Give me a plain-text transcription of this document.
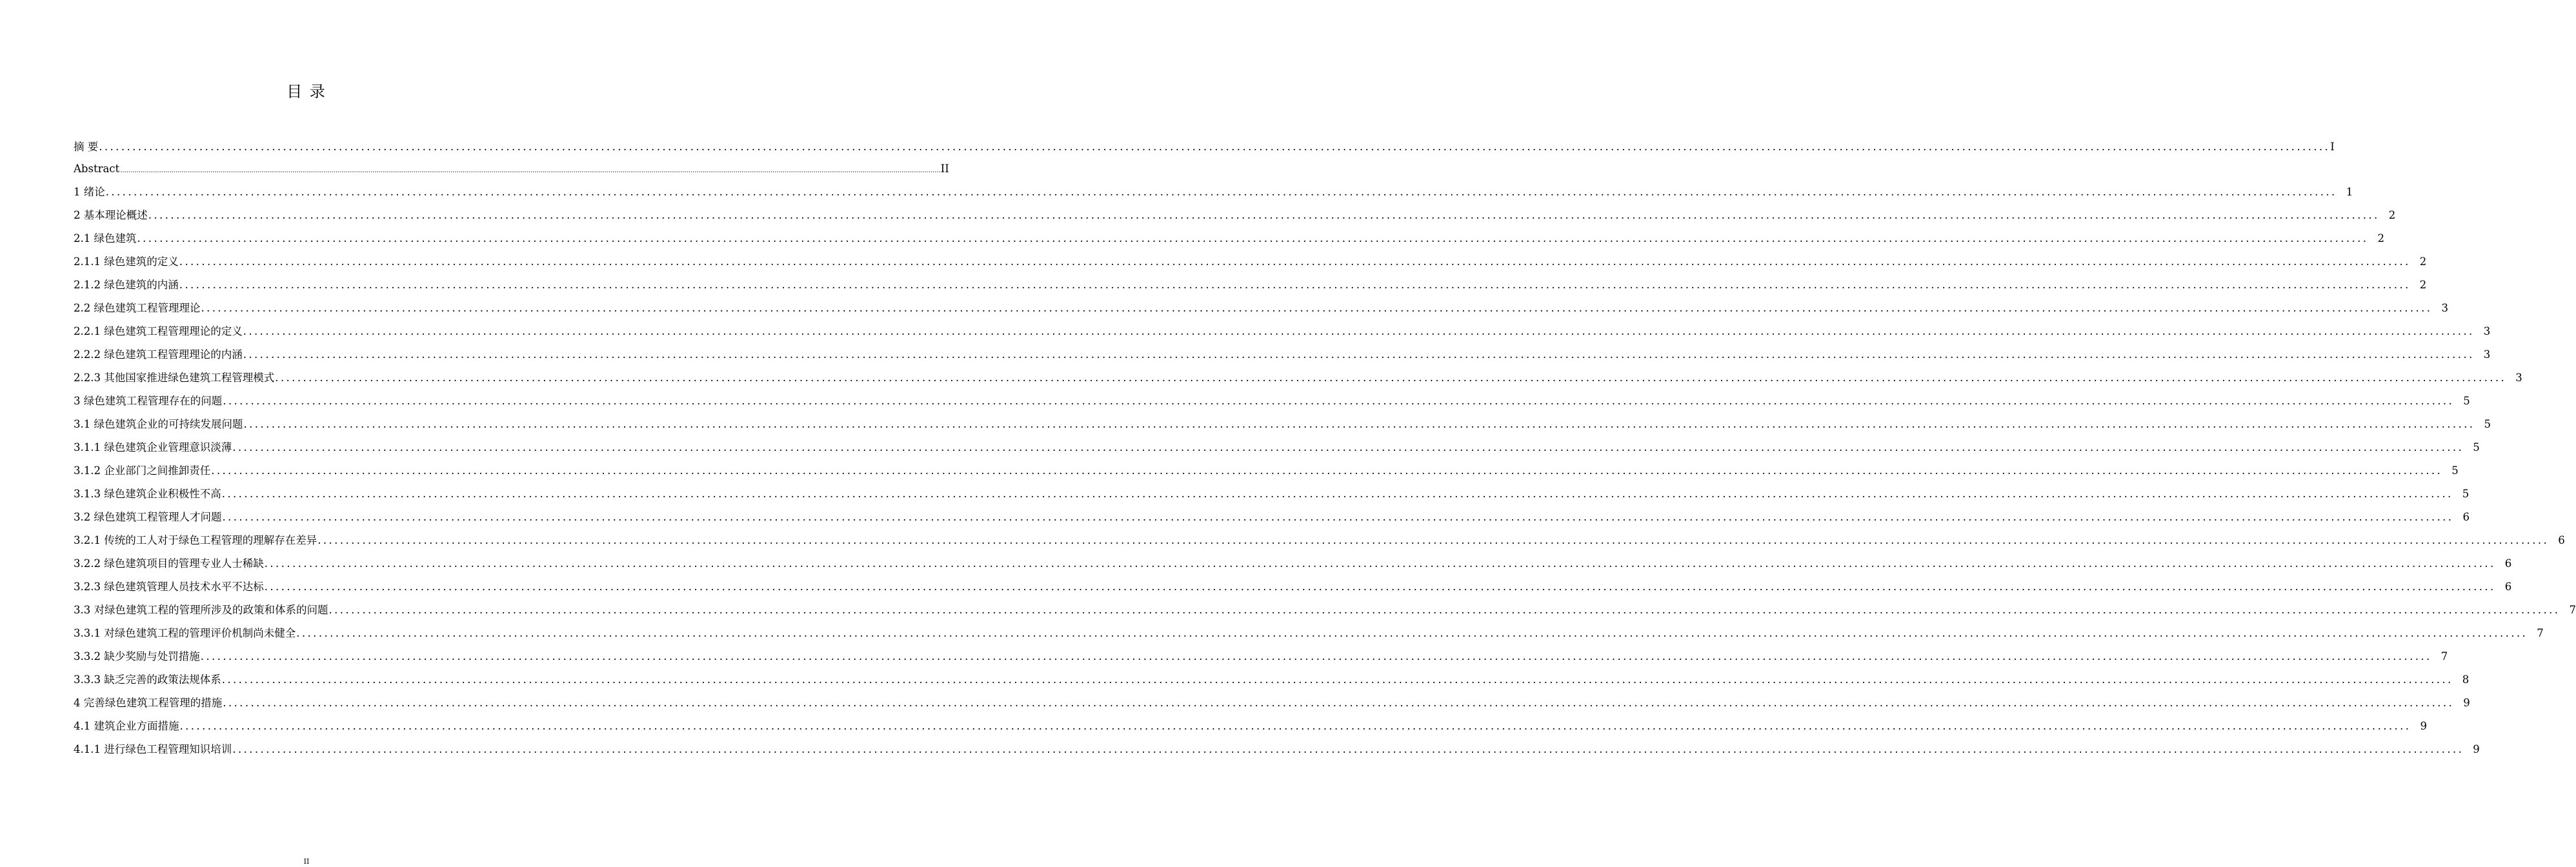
目 录
摘 要 ................................................................................................................................................................................................................................................................................................................................................................................................................ I
Abstract ................................................................................................................................................................................................................................................................................................................................................................................................................ II
1 绪论 ................................................................................................................................................................................................................................................................................................................................................................................................................ 1
2 基本理论概述 ................................................................................................................................................................................................................................................................................................................................................................................................................ 2
2.1 绿色建筑 ................................................................................................................................................................................................................................................................................................................................................................................................................ 2
2.1.1 绿色建筑的定义 ................................................................................................................................................................................................................................................................................................................................................................................................................ 2
2.1.2 绿色建筑的内涵 ................................................................................................................................................................................................................................................................................................................................................................................................................ 2
2.2 绿色建筑工程管理理论 ................................................................................................................................................................................................................................................................................................................................................................................................................ 3
2.2.1 绿色建筑工程管理理论的定义 ................................................................................................................................................................................................................................................................................................................................................................................................................ 3
2.2.2 绿色建筑工程管理理论的内涵 ................................................................................................................................................................................................................................................................................................................................................................................................................ 3
2.2.3 其他国家推进绿色建筑工程管理模式 ................................................................................................................................................................................................................................................................................................................................................................................................................ 3
3 绿色建筑工程管理存在的问题 ................................................................................................................................................................................................................................................................................................................................................................................................................ 5
3.1 绿色建筑企业的可持续发展问题 ................................................................................................................................................................................................................................................................................................................................................................................................................ 5
3.1.1 绿色建筑企业管理意识淡薄 ................................................................................................................................................................................................................................................................................................................................................................................................................ 5
3.1.2 企业部门之间推卸责任 ................................................................................................................................................................................................................................................................................................................................................................................................................ 5
3.1.3 绿色建筑企业积极性不高 ................................................................................................................................................................................................................................................................................................................................................................................................................ 5
3.2 绿色建筑工程管理人才问题 ................................................................................................................................................................................................................................................................................................................................................................................................................ 6
3.2.1 传统的工人对于绿色工程管理的理解存在差异 ................................................................................................................................................................................................................................................................................................................................................................................................................ 6
3.2.2 绿色建筑项目的管理专业人士稀缺 ................................................................................................................................................................................................................................................................................................................................................................................................................ 6
3.2.3 绿色建筑管理人员技术水平不达标 ................................................................................................................................................................................................................................................................................................................................................................................................................ 6
3.3 对绿色建筑工程的管理所涉及的政策和体系的问题 ................................................................................................................................................................................................................................................................................................................................................................................................................ 7
3.3.1 对绿色建筑工程的管理评价机制尚未健全 ................................................................................................................................................................................................................................................................................................................................................................................................................ 7
3.3.2 缺少奖励与处罚措施 ................................................................................................................................................................................................................................................................................................................................................................................................................ 7
3.3.3 缺乏完善的政策法规体系 ................................................................................................................................................................................................................................................................................................................................................................................................................ 8
4 完善绿色建筑工程管理的措施 ................................................................................................................................................................................................................................................................................................................................................................................................................ 9
4.1 建筑企业方面措施 ................................................................................................................................................................................................................................................................................................................................................................................................................ 9
4.1.1 进行绿色工程管理知识培训 ................................................................................................................................................................................................................................................................................................................................................................................................................ 9
II
